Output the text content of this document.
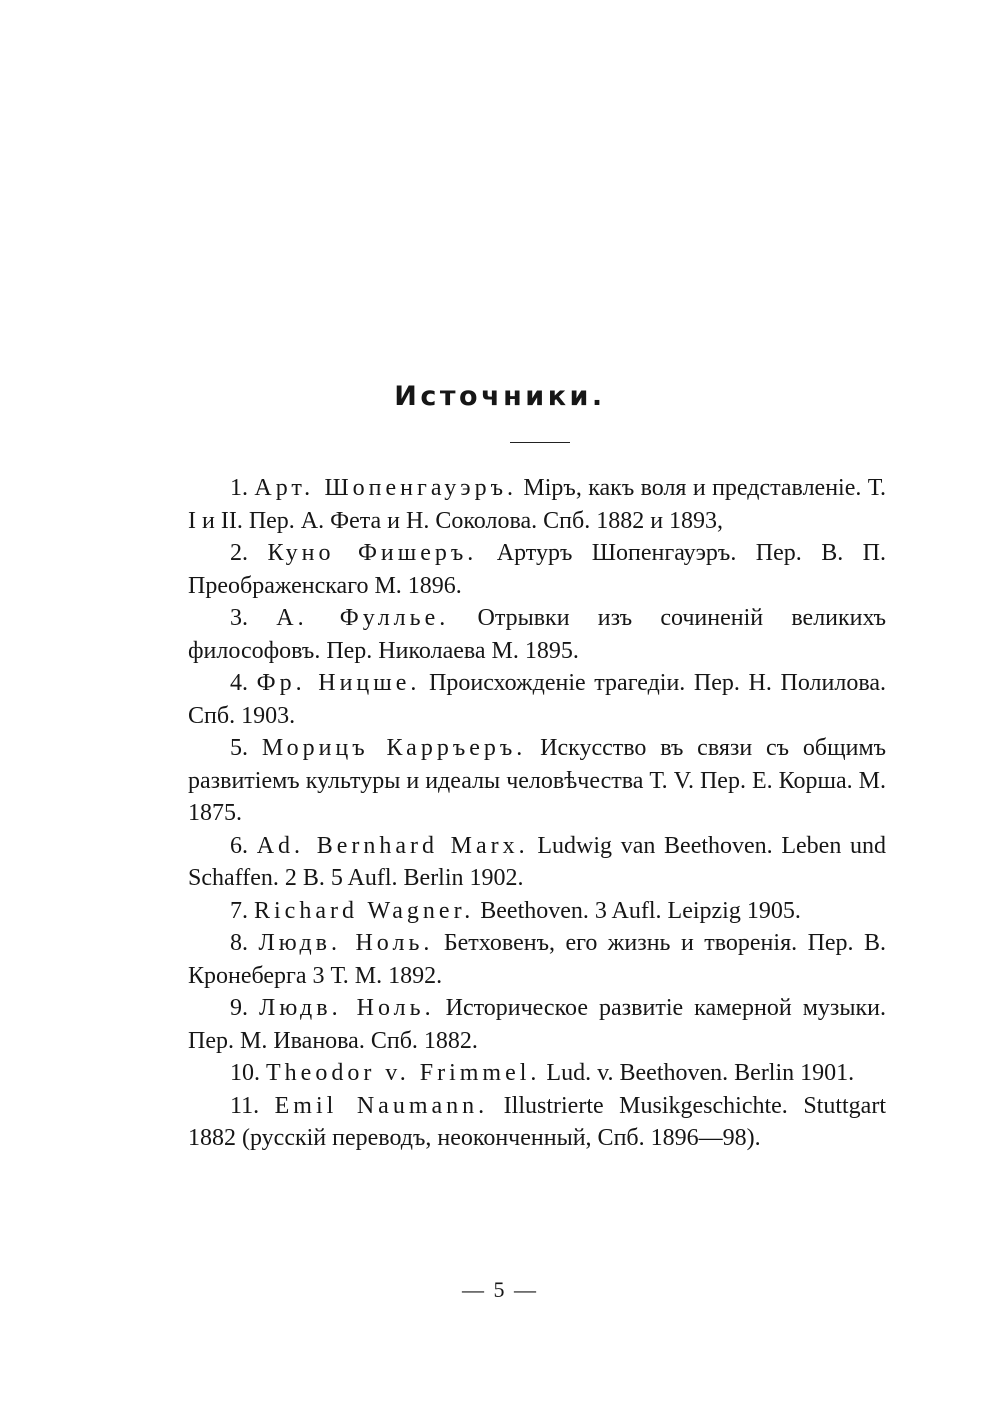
Источники.
1. Арт. Шопенгауэръ. Міръ, какъ воля и представленіе. Т. I и II. Пер. А. Фета и Н. Соколова. Спб. 1882 и 1893,
2. Куно Фишеръ. Артуръ Шопенгауэръ. Пер. В. П. Преображенскаго М. 1896.
3. А. Фуллье. Отрывки изъ сочиненій великихъ философовъ. Пер. Николаева М. 1895.
4. Фр. Ницше. Происхожденіе трагедіи. Пер. Н. Полилова. Спб. 1903.
5. Морицъ Карръеръ. Искусство въ связи съ общимъ развитіемъ культуры и идеалы человѣчества Т. V. Пер. Е. Корша. М. 1875.
6. Ad. Bernhard Marx. Ludwig van Beethoven. Leben und Schaffen. 2 B. 5 Aufl. Berlin 1902.
7. Richard Wagner. Beethoven. 3 Aufl. Leipzig 1905.
8. Людв. Ноль. Бетховенъ, его жизнь и творенія. Пер. В. Кронеберга 3 Т. М. 1892.
9. Людв. Ноль. Историческое развитіе камерной музыки. Пер. М. Иванова. Спб. 1882.
10. Theodor v. Frimmel. Lud. v. Beethoven. Berlin 1901.
11. Emil Naumann. Illustrierte Musikgeschichte. Stuttgart 1882 (русскій переводъ, неоконченный, Спб. 1896—98).
— 5 —
